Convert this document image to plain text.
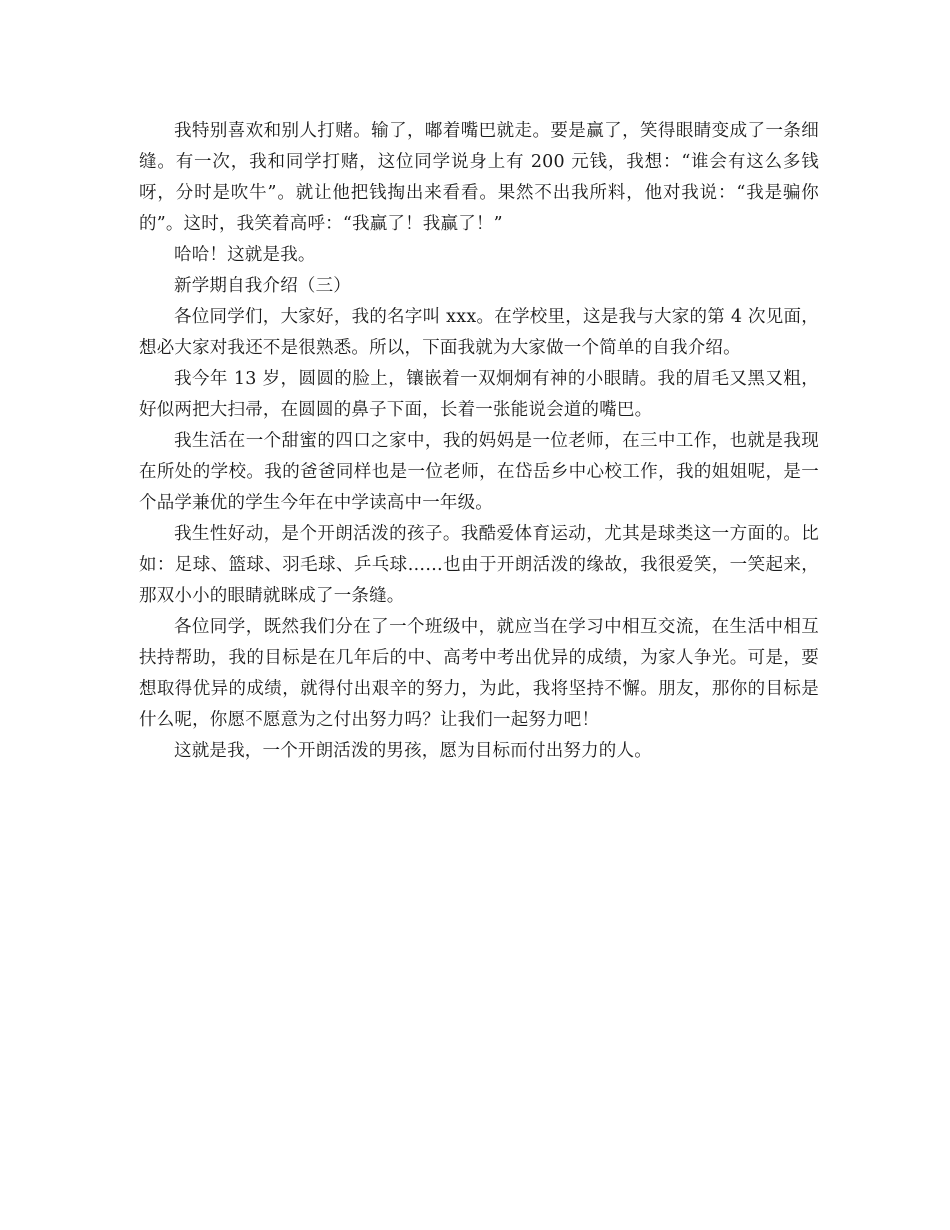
我特别喜欢和别人打赌。输了，嘟着嘴巴就走。要是赢了，笑得眼睛变成了一条细缝。有一次，我和同学打赌，这位同学说身上有 200 元钱，我想：“谁会有这么多钱呀，分时是吹牛”。就让他把钱掏出来看看。果然不出我所料，他对我说：“我是骗你的”。这时，我笑着高呼：“我赢了！我赢了！”

哈哈！这就是我。

新学期自我介绍（三）

各位同学们，大家好，我的名字叫 xxx。在学校里，这是我与大家的第 4 次见面，想必大家对我还不是很熟悉。所以，下面我就为大家做一个简单的自我介绍。

我今年 13 岁，圆圆的脸上，镶嵌着一双炯炯有神的小眼睛。我的眉毛又黑又粗，好似两把大扫帚，在圆圆的鼻子下面，长着一张能说会道的嘴巴。

我生活在一个甜蜜的四口之家中，我的妈妈是一位老师，在三中工作，也就是我现在所处的学校。我的爸爸同样也是一位老师，在岱岳乡中心校工作，我的姐姐呢，是一个品学兼优的学生今年在中学读高中一年级。

我生性好动，是个开朗活泼的孩子。我酷爱体育运动，尤其是球类这一方面的。比如：足球、篮球、羽毛球、乒乓球……也由于开朗活泼的缘故，我很爱笑，一笑起来，那双小小的眼睛就眯成了一条缝。

各位同学，既然我们分在了一个班级中，就应当在学习中相互交流，在生活中相互扶持帮助，我的目标是在几年后的中、高考中考出优异的成绩，为家人争光。可是，要想取得优异的成绩，就得付出艰辛的努力，为此，我将坚持不懈。朋友，那你的目标是什么呢，你愿不愿意为之付出努力吗？让我们一起努力吧！

这就是我，一个开朗活泼的男孩，愿为目标而付出努力的人。
